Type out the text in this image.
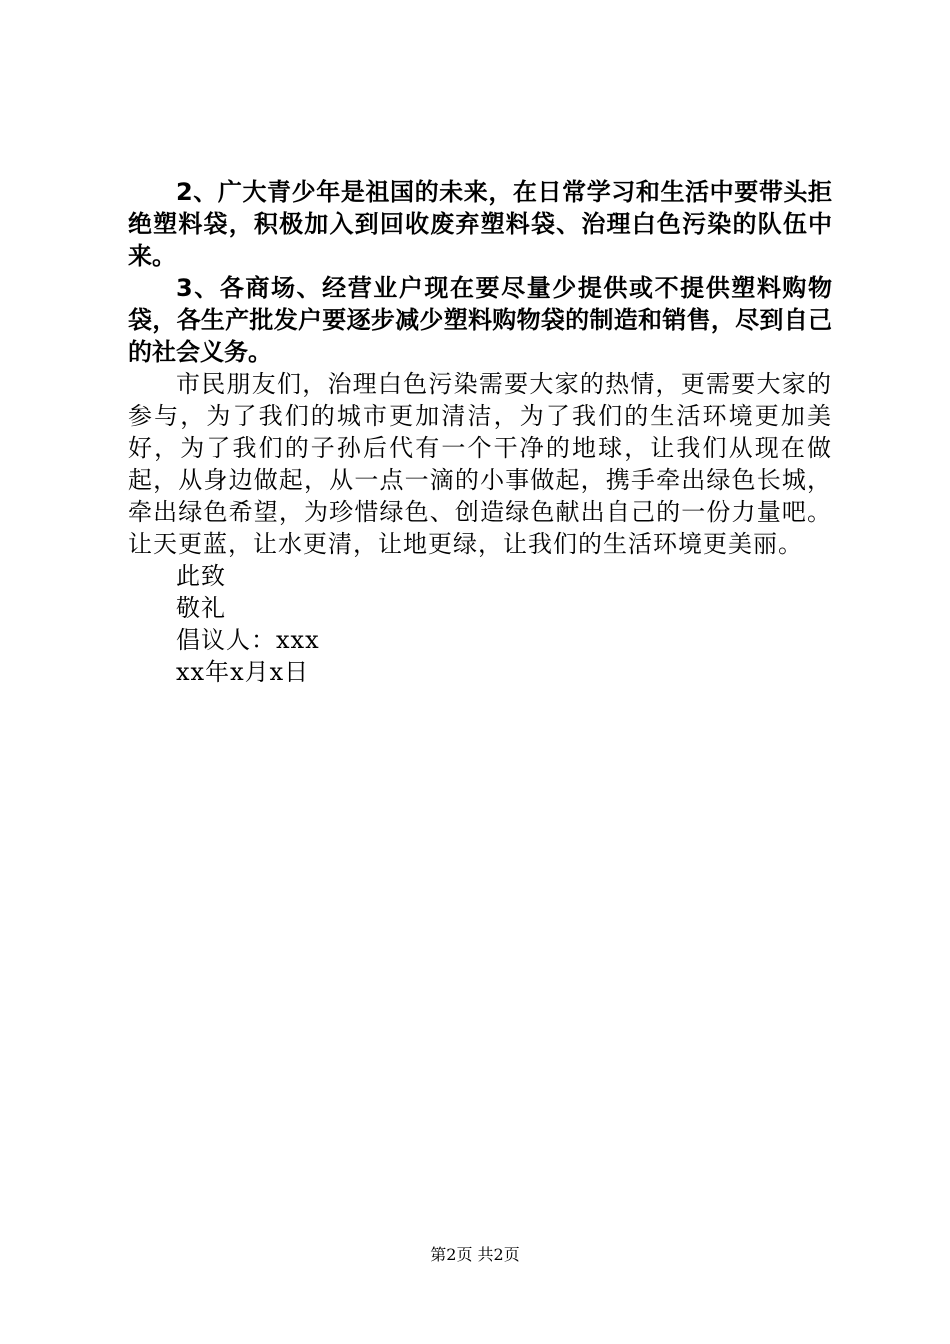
2、广大青少年是祖国的未来，在日常学习和生活中要带头拒绝塑料袋，积极加入到回收废弃塑料袋、治理白色污染的队伍中来。

3、各商场、经营业户现在要尽量少提供或不提供塑料购物袋，各生产批发户要逐步减少塑料购物袋的制造和销售，尽到自己的社会义务。

市民朋友们，治理白色污染需要大家的热情，更需要大家的参与，为了我们的城市更加清洁，为了我们的生活环境更加美好，为了我们的子孙后代有一个干净的地球，让我们从现在做起，从身边做起，从一点一滴的小事做起，携手牵出绿色长城，牵出绿色希望，为珍惜绿色、创造绿色献出自己的一份力量吧。让天更蓝，让水更清，让地更绿，让我们的生活环境更美丽。

此致

敬礼

倡议人：xxx

xx年x月x日

第2页 共2页
